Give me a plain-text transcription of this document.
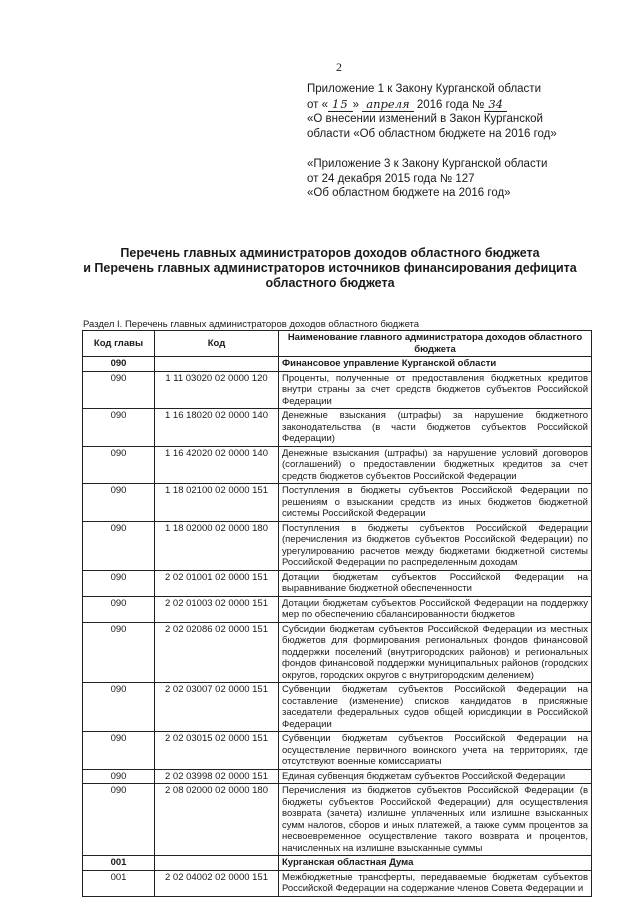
2
Приложение 1 к Закону Курганской области
от « 15 » апреля 2016 года № 34
«О внесении изменений в Закон Курганской
области «Об областном бюджете на 2016 год»
«Приложение 3 к Закону Курганской области
от 24 декабря 2015 года № 127
«Об областном бюджете на 2016 год»
Перечень главных администраторов доходов областного бюджета
и Перечень главных администраторов источников финансирования дефицита
областного бюджета
Раздел I. Перечень главных администраторов доходов областного бюджета
Код главы	Код	Наименование главного администратора доходов областного бюджета
090		Финансовое управление Курганской области
090	1 11 03020 02 0000 120	Проценты, полученные от предоставления бюджетных кредитов внутри страны за счет средств бюджетов субъектов Российской Федерации
090	1 16 18020 02 0000 140	Денежные взыскания (штрафы) за нарушение бюджетного законодательства (в части бюджетов субъектов Российской Федерации)
090	1 16 42020 02 0000 140	Денежные взыскания (штрафы) за нарушение условий договоров (соглашений) о предоставлении бюджетных кредитов за счет средств бюджетов субъектов Российской Федерации
090	1 18 02100 02 0000 151	Поступления в бюджеты субъектов Российской Федерации по решениям о взыскании средств из иных бюджетов бюджетной системы Российской Федерации
090	1 18 02000 02 0000 180	Поступления в бюджеты субъектов Российской Федерации (перечисления из бюджетов субъектов Российской Федерации) по урегулированию расчетов между бюджетами бюджетной системы Российской Федерации по распределенным доходам
090	2 02 01001 02 0000 151	Дотации бюджетам субъектов Российской Федерации на выравнивание бюджетной обеспеченности
090	2 02 01003 02 0000 151	Дотации бюджетам субъектов Российской Федерации на поддержку мер по обеспечению сбалансированности бюджетов
090	2 02 02086 02 0000 151	Субсидии бюджетам субъектов Российской Федерации из местных бюджетов для формирования региональных фондов финансовой поддержки поселений (внутригородских районов) и региональных фондов финансовой поддержки муниципальных районов (городских округов, городских округов с внутригородским делением)
090	2 02 03007 02 0000 151	Субвенции бюджетам субъектов Российской Федерации на составление (изменение) списков кандидатов в присяжные заседатели федеральных судов общей юрисдикции в Российской Федерации
090	2 02 03015 02 0000 151	Субвенции бюджетам субъектов Российской Федерации на осуществление первичного воинского учета на территориях, где отсутствуют военные комиссариаты
090	2 02 03998 02 0000 151	Единая субвенция бюджетам субъектов Российской Федерации
090	2 08 02000 02 0000 180	Перечисления из бюджетов субъектов Российской Федерации (в бюджеты субъектов Российской Федерации) для осуществления возврата (зачета) излишне уплаченных или излишне взысканных сумм налогов, сборов и иных платежей, а также сумм процентов за несвоевременное осуществление такого возврата и процентов, начисленных на излишне взысканные суммы
001		Курганская областная Дума
001	2 02 04002 02 0000 151	Межбюджетные трансферты, передаваемые бюджетам субъектов Российской Федерации на содержание членов Совета Федерации и
